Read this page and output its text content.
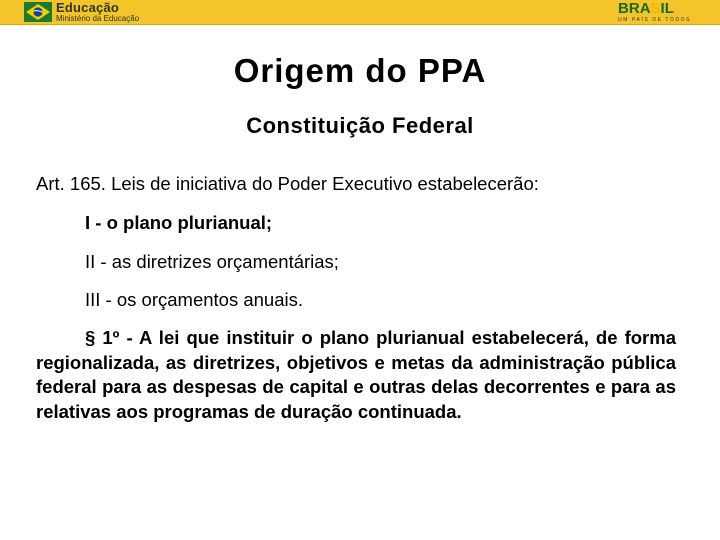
Educação
Ministério da Educação
B R A S I L
UM PAÍS DE TODOS
Origem do PPA
Constituição Federal

Art. 165. Leis de iniciativa do Poder Executivo estabelecerão:

I - o plano plurianual;

II - as diretrizes orçamentárias;

III - os orçamentos anuais.

§ 1º - A lei que instituir o plano plurianual estabelecerá, de forma regionalizada, as diretrizes, objetivos e metas da administração pública federal para as despesas de capital e outras delas decorrentes e para as relativas aos programas de duração continuada.
